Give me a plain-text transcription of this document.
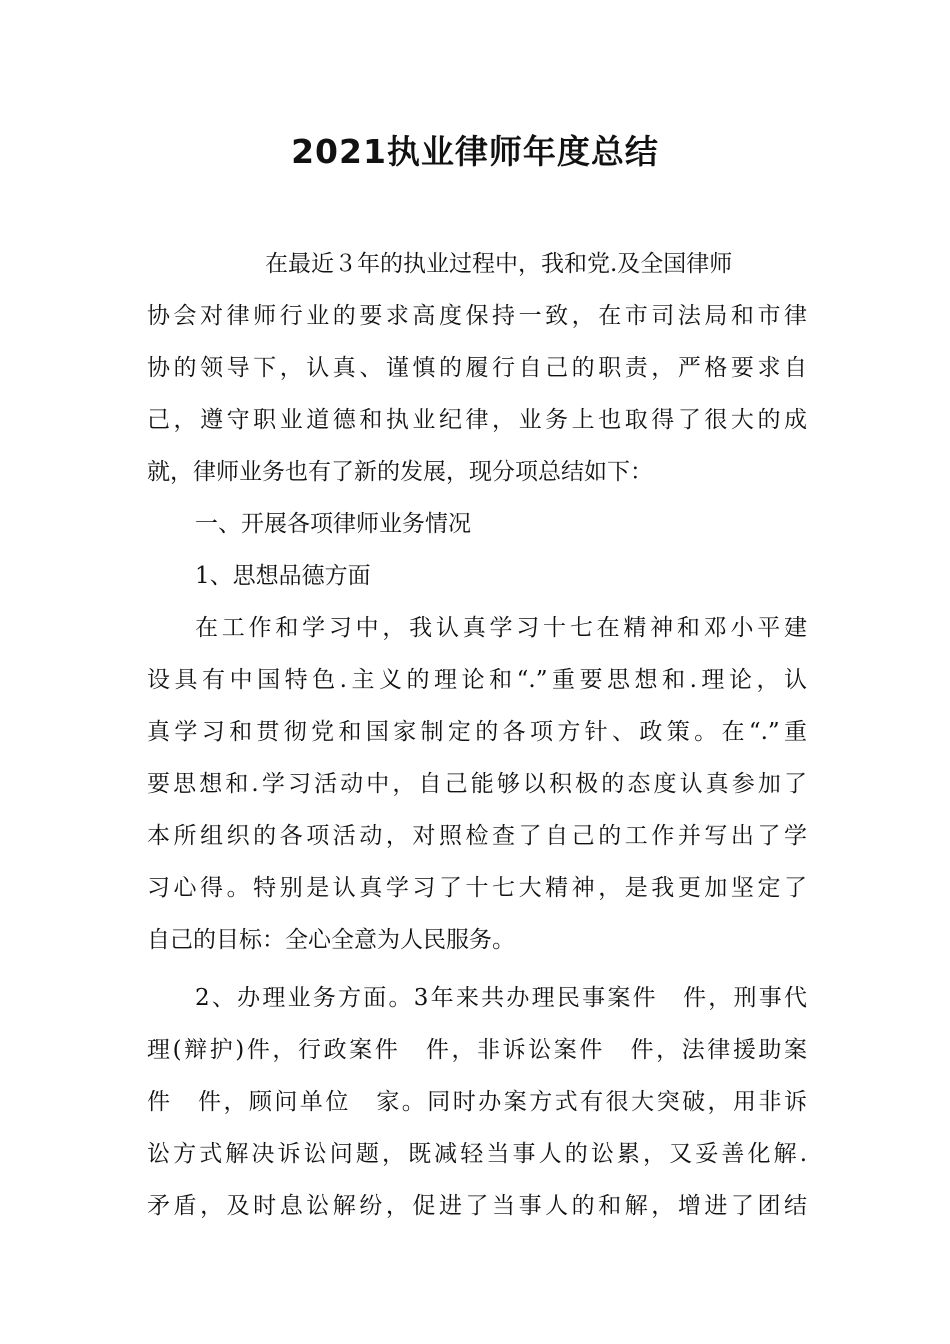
2021执业律师年度总结
在最近３年的执业过程中，我和党.及全国律师
协会对律师行业的要求高度保持一致，在市司法局和市律
协的领导下，认真、谨慎的履行自己的职责，严格要求自
己，遵守职业道德和执业纪律，业务上也取得了很大的成
就，律师业务也有了新的发展，现分项总结如下：
一、开展各项律师业务情况
1、思想品德方面
在工作和学习中，我认真学习十七在精神和邓小平建
设具有中国特色.主义的理论和“.”重要思想和.理论，认
真学习和贯彻党和国家制定的各项方针、政策。在“.”重
要思想和.学习活动中，自己能够以积极的态度认真参加了
本所组织的各项活动，对照检查了自己的工作并写出了学
习心得。特别是认真学习了十七大精神，是我更加坚定了
自己的目标：全心全意为人民服务。
2、办理业务方面。3年来共办理民事案件　件，刑事代
理(辩护)件，行政案件　件，非诉讼案件　件，法律援助案
件　件，顾问单位　家。同时办案方式有很大突破，用非诉
讼方式解决诉讼问题，既减轻当事人的讼累，又妥善化解.
矛盾，及时息讼解纷，促进了当事人的和解，增进了团结
